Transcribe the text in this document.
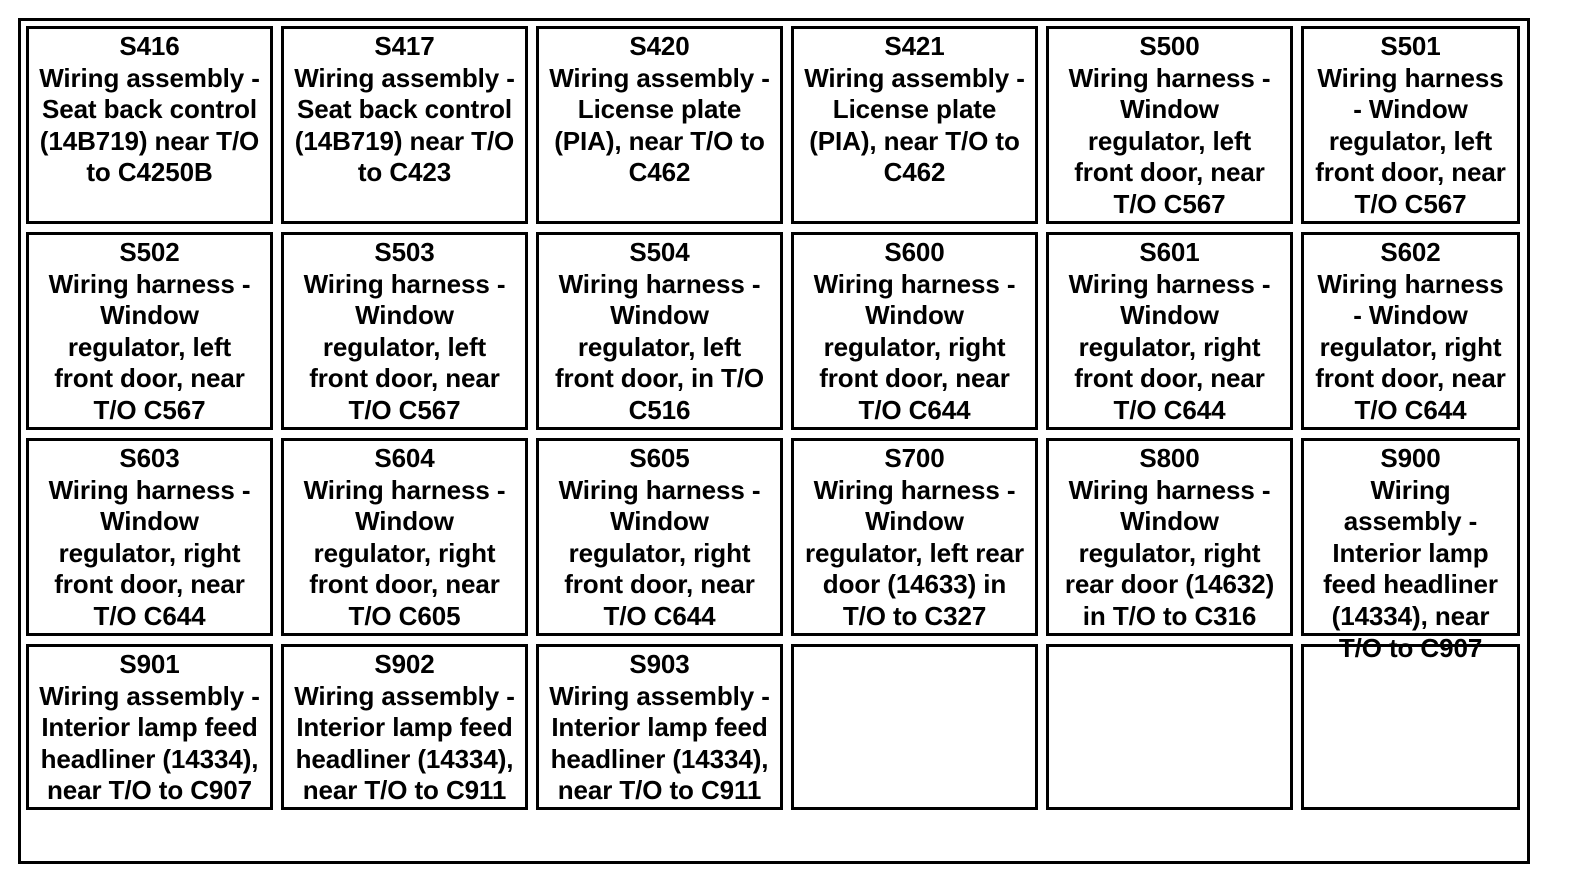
S416
Wiring assembly -
Seat back control
(14B719) near T/O
to C4250B
S417
Wiring assembly -
Seat back control
(14B719) near T/O
to C423
S420
Wiring assembly -
License plate
(PIA), near T/O to
C462
S421
Wiring assembly -
License plate
(PIA), near T/O to
C462
S500
Wiring harness -
Window
regulator, left
front door, near
T/O C567
S501
Wiring harness
- Window
regulator, left
front door, near
T/O C567
S502
Wiring harness -
Window
regulator, left
front door, near
T/O C567
S503
Wiring harness -
Window
regulator, left
front door, near
T/O C567
S504
Wiring harness -
Window
regulator, left
front door, in T/O
C516
S600
Wiring harness -
Window
regulator, right
front door, near
T/O C644
S601
Wiring harness -
Window
regulator, right
front door, near
T/O C644
S602
Wiring harness
- Window
regulator, right
front door, near
T/O C644
S603
Wiring harness -
Window
regulator, right
front door, near
T/O C644
S604
Wiring harness -
Window
regulator, right
front door, near
T/O C605
S605
Wiring harness -
Window
regulator, right
front door, near
T/O C644
S700
Wiring harness -
Window
regulator, left rear
door (14633) in
T/O to C327
S800
Wiring harness -
Window
regulator, right
rear door (14632)
in T/O to C316
S900
Wiring
assembly -
Interior lamp
feed headliner
(14334), near
T/O to C907
S901
Wiring assembly -
Interior lamp feed
headliner (14334),
near T/O to C907
S902
Wiring assembly -
Interior lamp feed
headliner (14334),
near T/O to C911
S903
Wiring assembly -
Interior lamp feed
headliner (14334),
near T/O to C911
